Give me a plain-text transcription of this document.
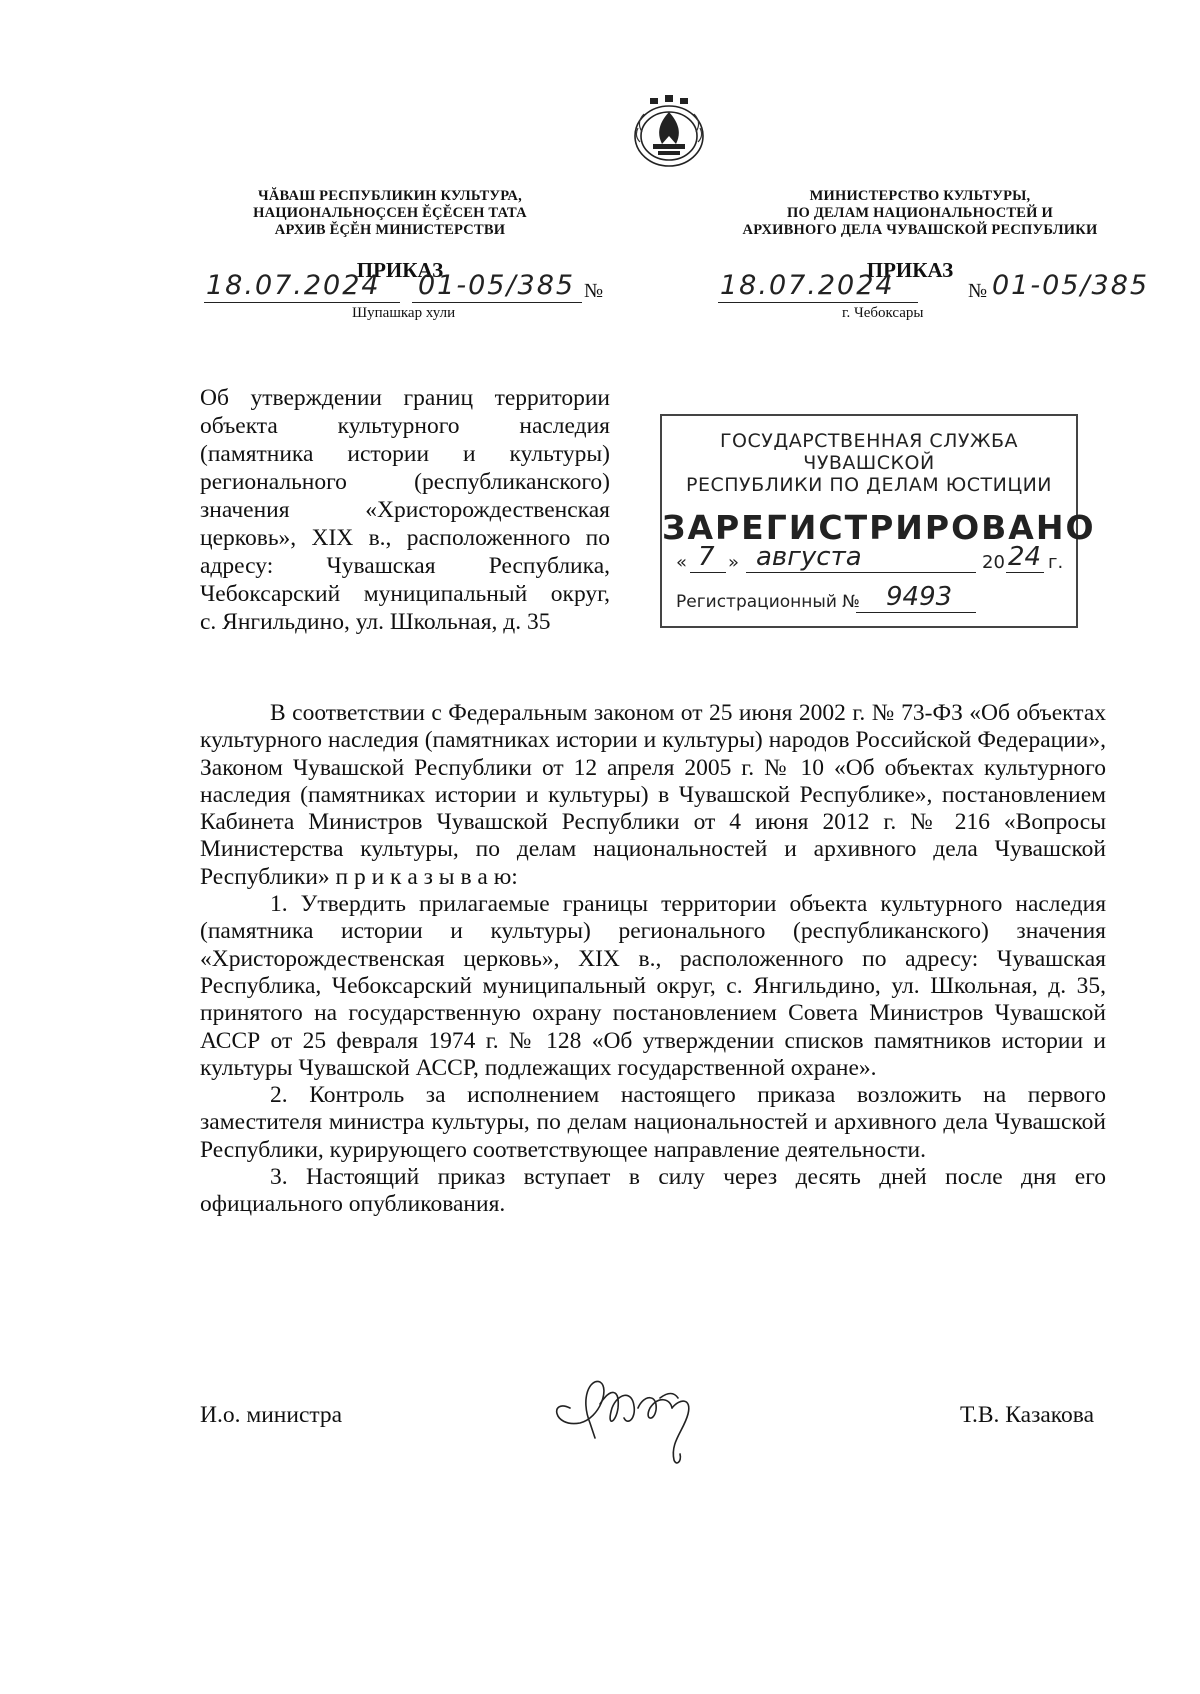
ЧĂВАШ РЕСПУБЛИКИН КУЛЬТУРА,
НАЦИОНАЛЬНОÇСЕН ĔÇĔСЕН ТАТА
АРХИВ ĔÇĔН МИНИСТЕРСТВИ
МИНИСТЕРСТВО КУЛЬТУРЫ,
ПО ДЕЛАМ НАЦИОНАЛЬНОСТЕЙ И
АРХИВНОГО ДЕЛА ЧУВАШСКОЙ РЕСПУБЛИКИ
ПРИКАЗ	ПРИКАЗ
18.07.2024 01-05/385 №
Шупашкар хули
18.07.2024	№ 01-05/385
г. Чебоксары

Об утверждении границ территории

объекта культурного наследия

(памятника истории и культуры)

регионального (республиканского)

значения «Христорождественская

церковь», XIX в., расположенного по

адресу: Чувашская Республика,

Чебоксарский муниципальный округ,

с. Янгильдино, ул. Школьная, д. 35

ГОСУДАРСТВЕННАЯ СЛУЖБА ЧУВАШСКОЙ
РЕСПУБЛИКИ ПО ДЕЛАМ ЮСТИЦИИ
ЗАРЕГИСТРИРОВАНО
« 7 » августа	20 24 г.
Регистрационный № 9493

В соответствии с Федеральным законом от 25 июня 2002 г. № 73-ФЗ «Об объектах культурного наследия (памятниках истории и культуры) народов Российской Федерации», Законом Чувашской Республики от 12 апреля 2005 г. № 10 «Об объектах культурного наследия (памятниках истории и культуры) в Чувашской Республике», постановлением Кабинета Министров Чувашской Республики от 4 июня 2012 г. № 216 «Вопросы Министерства культуры, по делам национальностей и архивного дела Чувашской Республики» п р и к а з ы в а ю:

1. Утвердить прилагаемые границы территории объекта культурного наследия (памятника истории и культуры) регионального (республиканского) значения «Христорождественская церковь», XIX в., расположенного по адресу: Чувашская Республика, Чебоксарский муниципальный округ, с. Янгильдино, ул. Школьная, д. 35, принятого на государственную охрану постановлением Совета Министров Чувашской АССР от 25 февраля 1974 г. № 128 «Об утверждении списков памятников истории и культуры Чувашской АССР, подлежащих государственной охране».

2. Контроль за исполнением настоящего приказа возложить на первого заместителя министра культуры, по делам национальностей и архивного дела Чувашской Республики, курирующего соответствующее направление деятельности.

3. Настоящий приказ вступает в силу через десять дней после дня его официального опубликования.

И.о. министра	Т.В. Казакова
